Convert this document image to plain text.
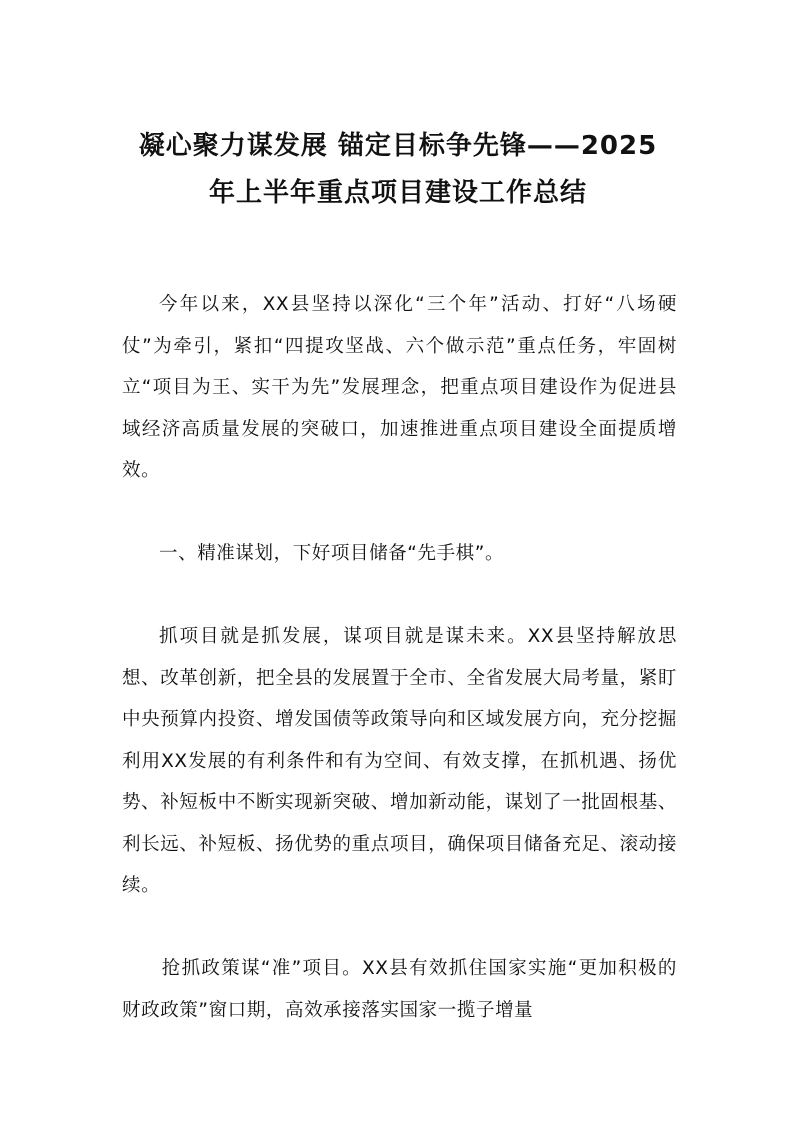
凝心聚力谋发展 锚定目标争先锋——2025
年上半年重点项目建设工作总结

今年以来，XX县坚持以深化“三个年”活动、打好“八场硬仗”为牵引，紧扣“四提攻坚战、六个做示范”重点任务，牢固树立“项目为王、实干为先”发展理念，把重点项目建设作为促进县域经济高质量发展的突破口，加速推进重点项目建设全面提质增效。

一、精准谋划，下好项目储备“先手棋”。

抓项目就是抓发展，谋项目就是谋未来。XX县坚持解放思想、改革创新，把全县的发展置于全市、全省发展大局考量，紧盯中央预算内投资、增发国债等政策导向和区域发展方向，充分挖掘利用XX发展的有利条件和有为空间、有效支撑，在抓机遇、扬优势、补短板中不断实现新突破、增加新动能，谋划了一批固根基、利长远、补短板、扬优势的重点项目，确保项目储备充足、滚动接续。

抢抓政策谋“准”项目。XX县有效抓住国家实施“更加积极的财政政策”窗口期，高效承接落实国家一揽子增量
